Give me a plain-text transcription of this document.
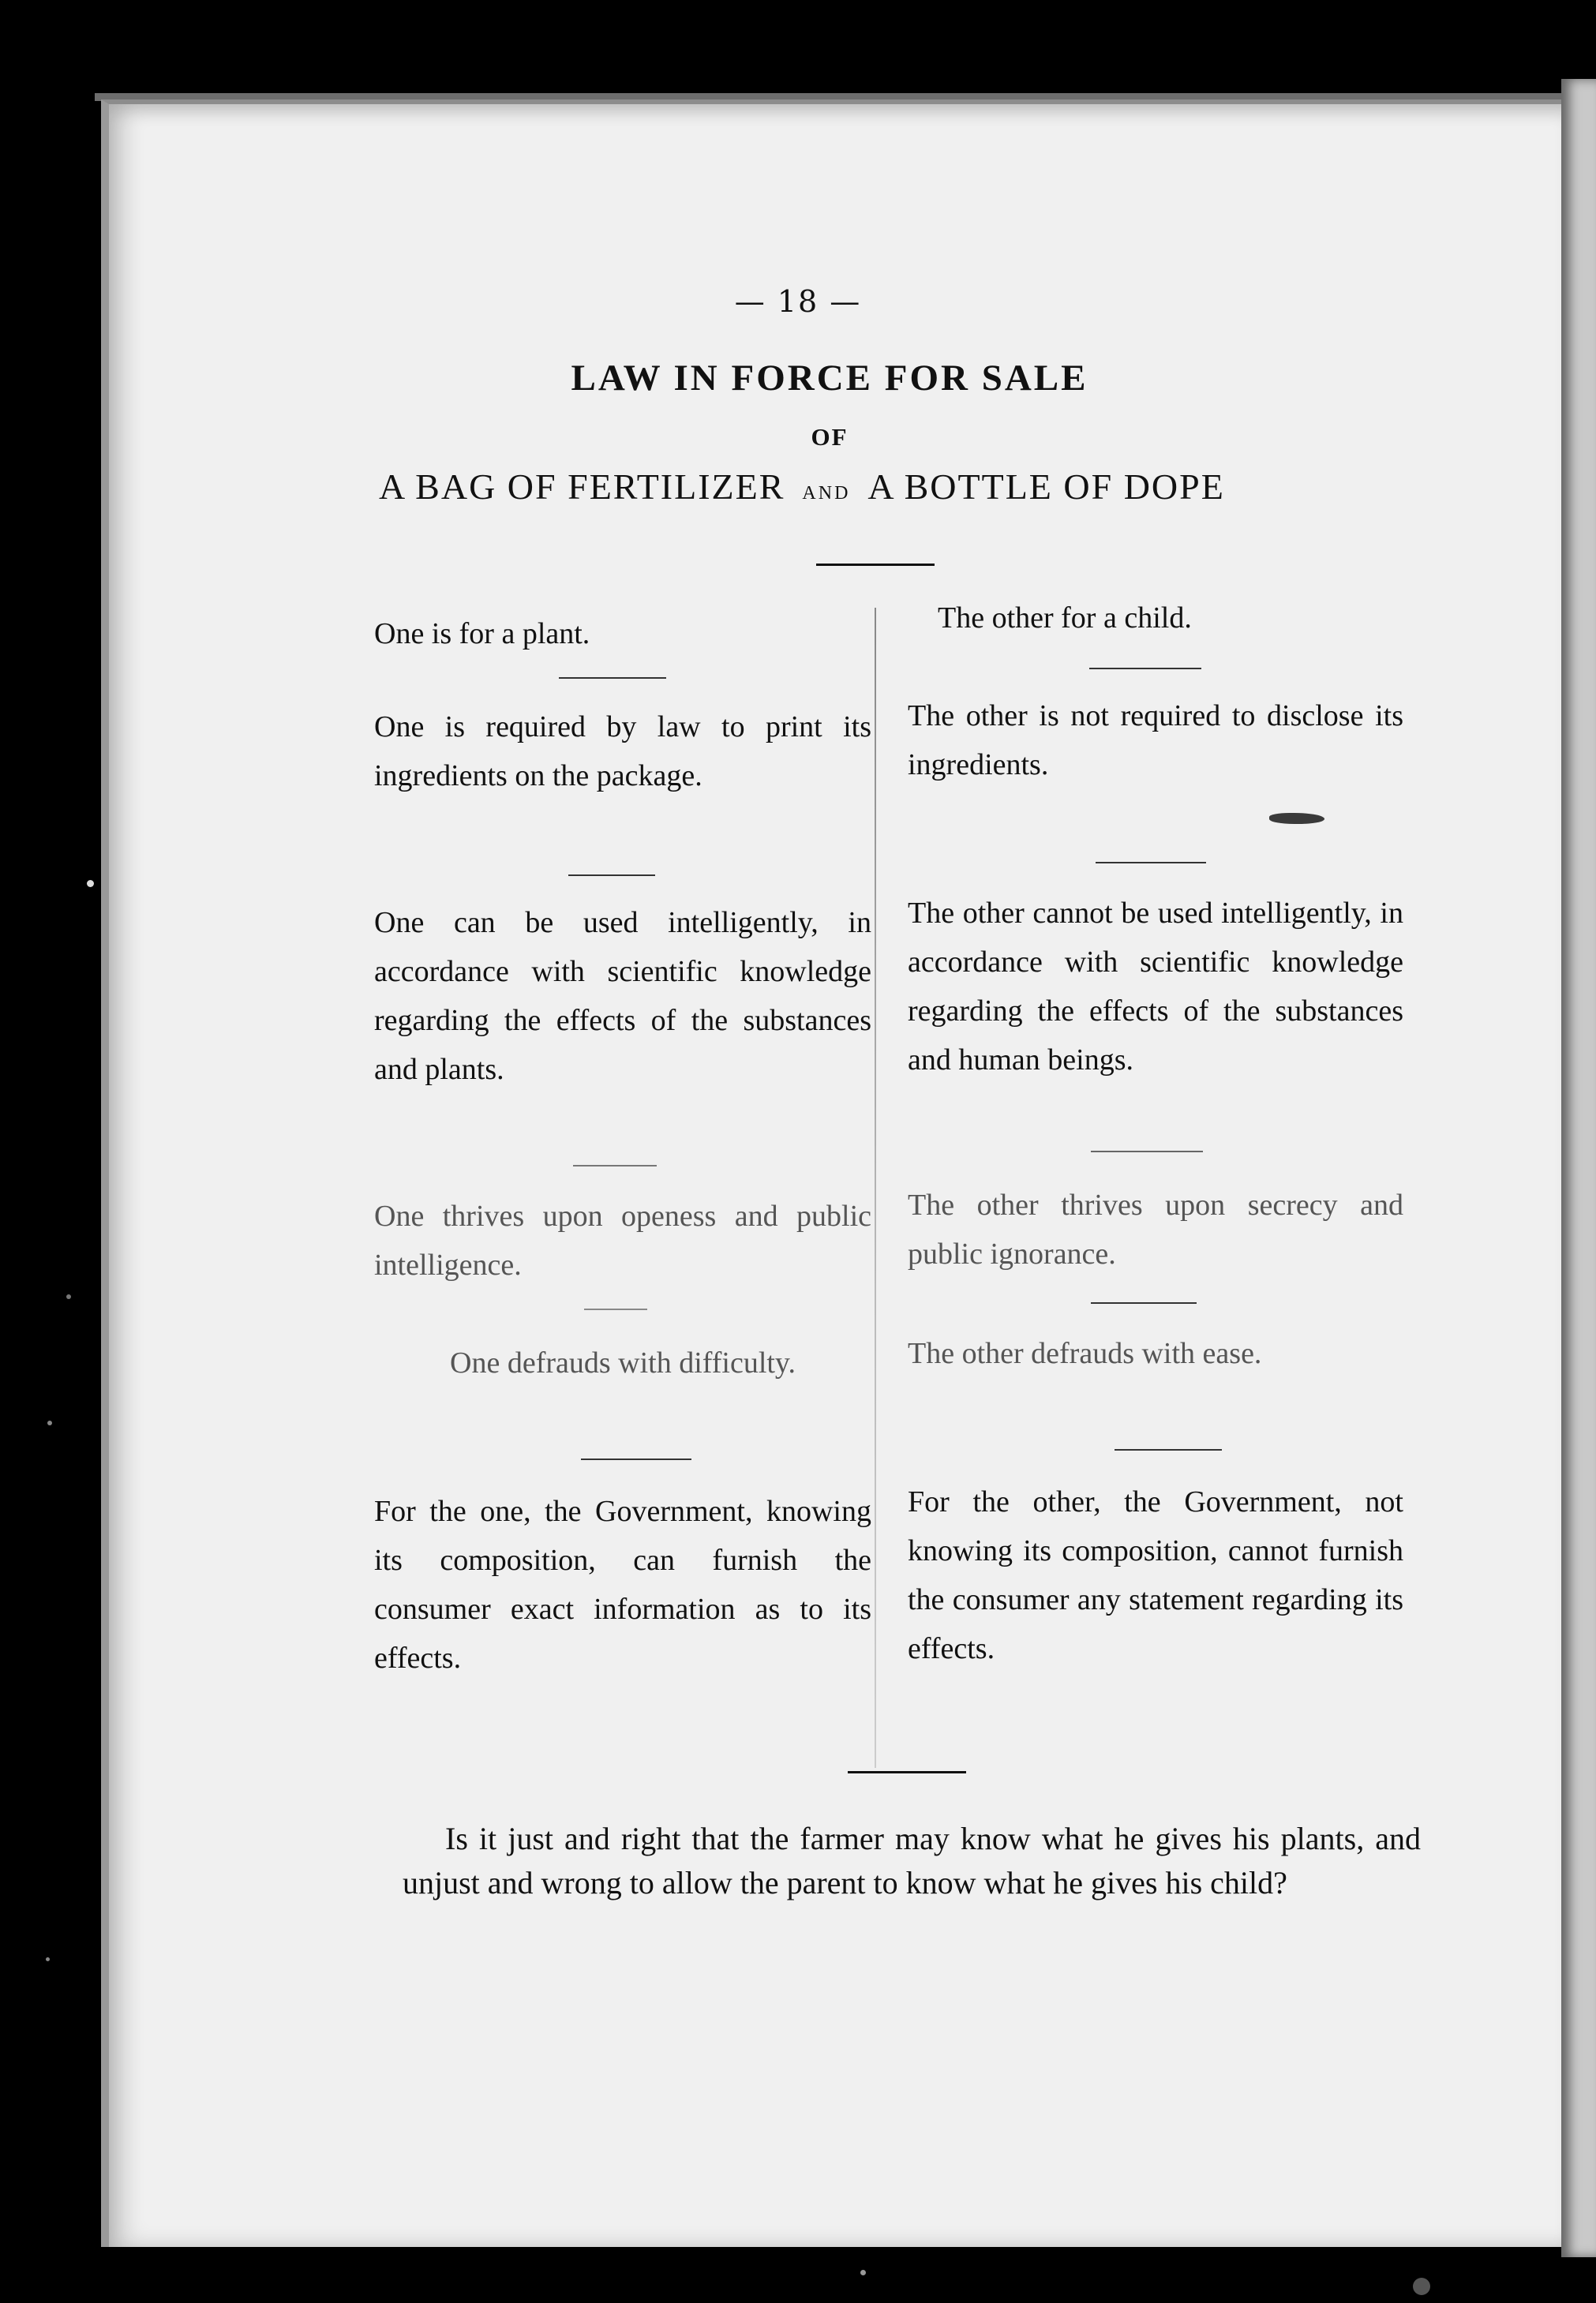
— 18 —
LAW IN FORCE FOR SALE
OF
A BAG OF FERTILIZER AND A BOTTLE OF DOPE
One is for a plant.
One is required by law to print its ingredients on the package.
One can be used intelligently, in accordance with scientific knowledge regarding the effects of the substances and plants.
One thrives upon openess and public intelligence.
One defrauds with difficulty.
For the one, the Government, knowing its composition, can furnish the consumer exact information as to its effects.
The other for a child.
The other is not required to disclose its ingredients.
The other cannot be used intelligently, in accordance with scientific knowledge regarding the effects of the substances and human beings.
The other thrives upon secrecy and public ignorance.
The other defrauds with ease.
For the other, the Government, not knowing its composition, cannot furnish the consumer any statement regarding its effects.
Is it just and right that the farmer may know what he gives his plants, and unjust and wrong to allow the parent to know what he gives his child?
